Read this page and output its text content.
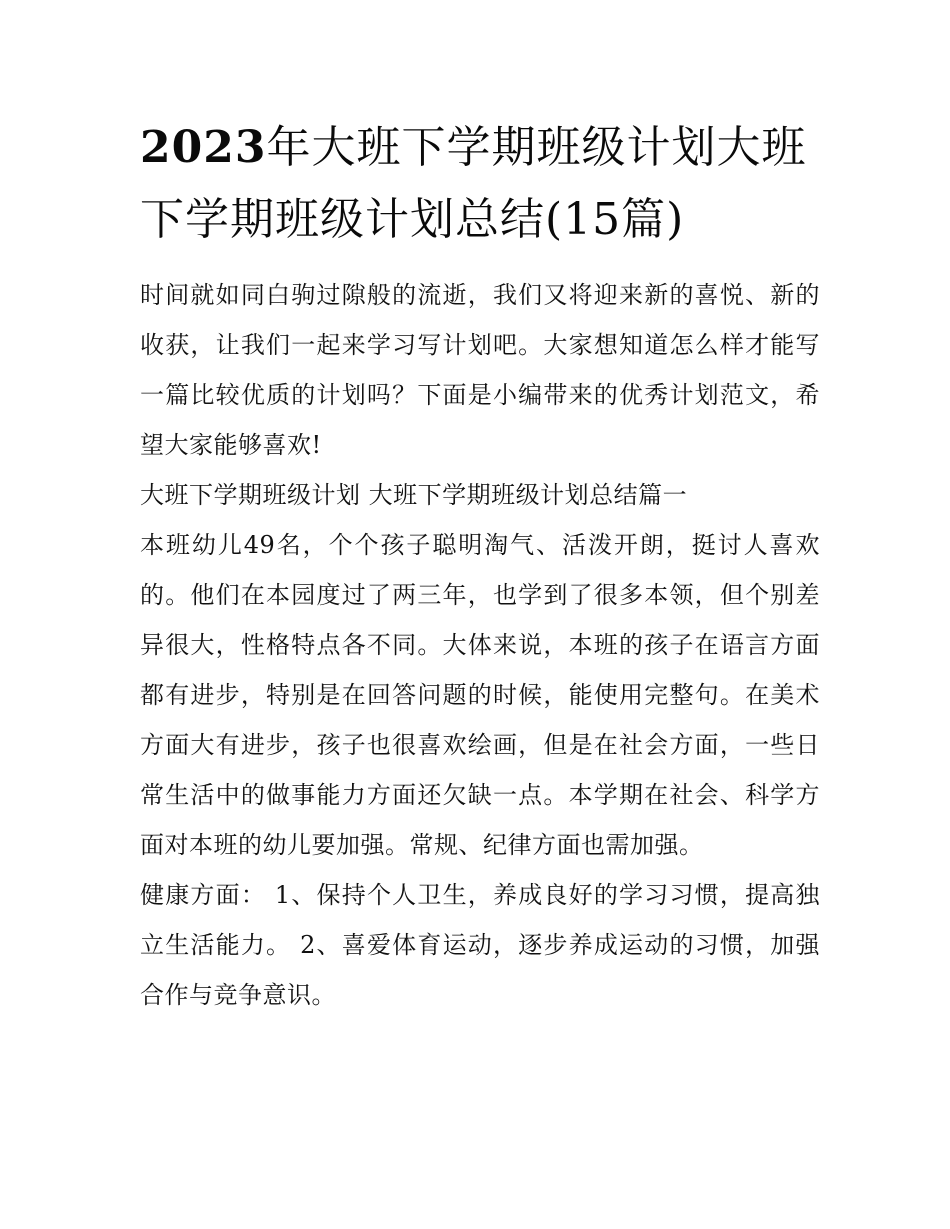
2023年大班下学期班级计划大班下学期班级计划总结(15篇)

时间就如同白驹过隙般的流逝，我们又将迎来新的喜悦、新的收获，让我们一起来学习写计划吧。大家想知道怎么样才能写一篇比较优质的计划吗？下面是小编带来的优秀计划范文，希望大家能够喜欢!

大班下学期班级计划 大班下学期班级计划总结篇一

本班幼儿49名，个个孩子聪明淘气、活泼开朗，挺讨人喜欢的。他们在本园度过了两三年，也学到了很多本领，但个别差异很大，性格特点各不同。大体来说，本班的孩子在语言方面都有进步，特别是在回答问题的时候，能使用完整句。在美术方面大有进步，孩子也很喜欢绘画，但是在社会方面，一些日常生活中的做事能力方面还欠缺一点。本学期在社会、科学方面对本班的幼儿要加强。常规、纪律方面也需加强。

健康方面： 1、保持个人卫生，养成良好的学习习惯，提高独立生活能力。 2、喜爱体育运动，逐步养成运动的习惯，加强合作与竞争意识。
